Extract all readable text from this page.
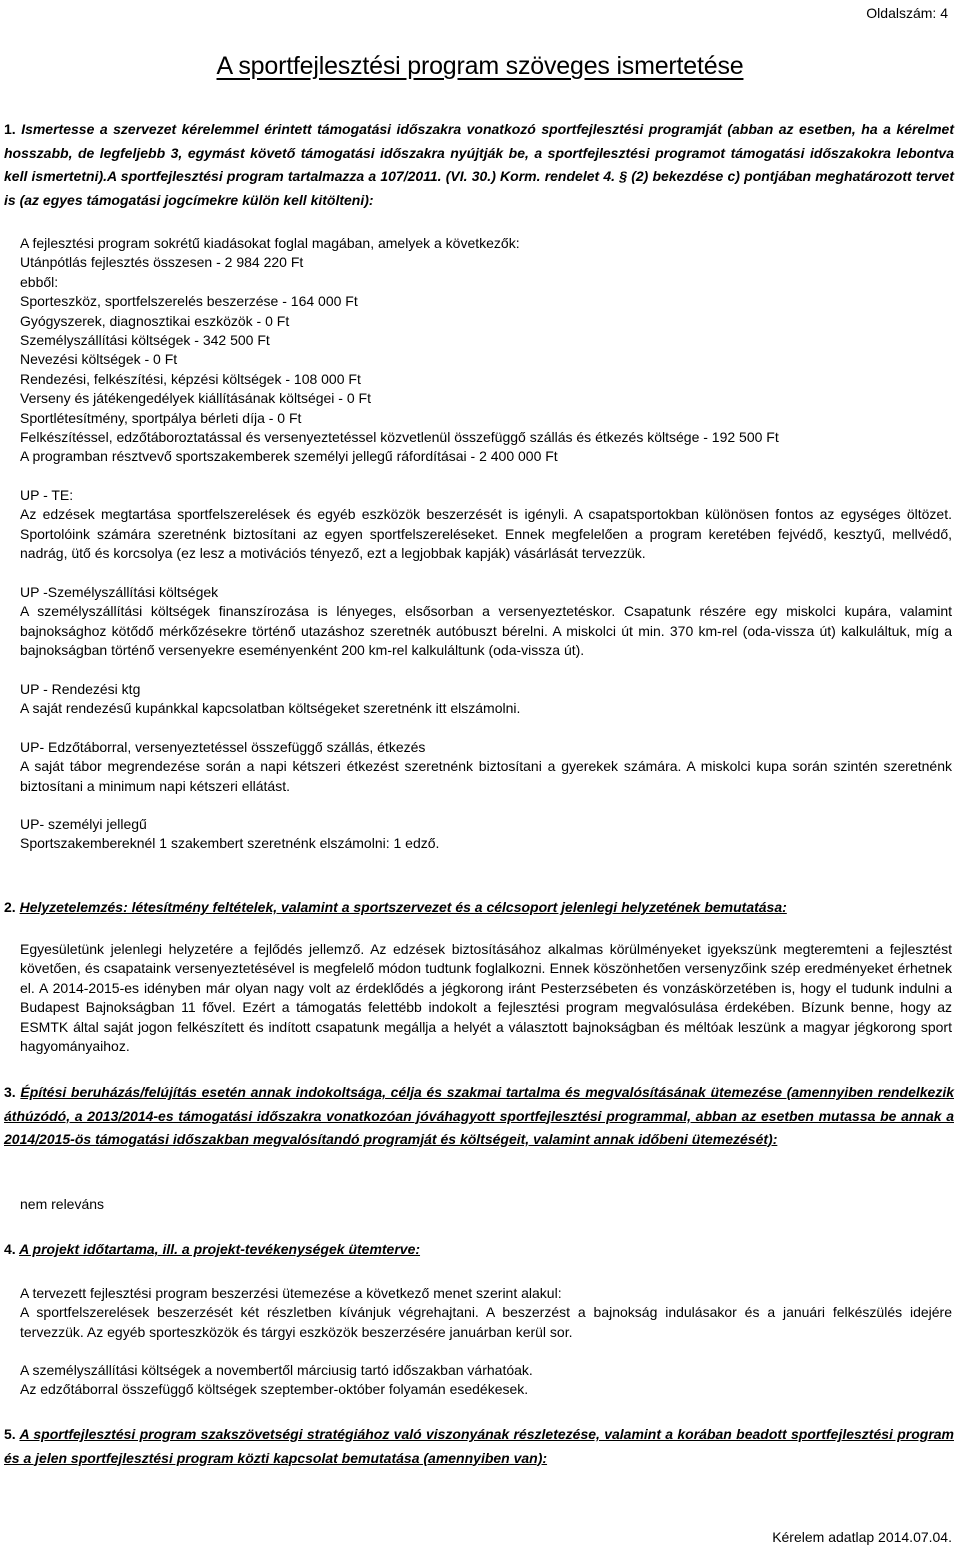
Oldalszám: 4
A sportfejlesztési program szöveges ismertetése
1. Ismertesse a szervezet kérelemmel érintett támogatási időszakra vonatkozó sportfejlesztési programját (abban az esetben, ha a kérelmet hosszabb, de legfeljebb 3, egymást követő támogatási időszakra nyújtják be, a sportfejlesztési programot támogatási időszakokra lebontva kell ismertetni).A sportfejlesztési program tartalmazza a 107/2011. (VI. 30.) Korm. rendelet 4. § (2) bekezdése c) pontjában meghatározott tervet is (az egyes támogatási jogcímekre külön kell kitölteni):

A fejlesztési program sokrétű kiadásokat foglal magában, amelyek a következők:

Utánpótlás fejlesztés összesen - 2 984 220 Ft

ebből:

Sporteszköz, sportfelszerelés beszerzése - 164 000 Ft

Gyógyszerek, diagnosztikai eszközök - 0 Ft

Személyszállítási költségek - 342 500 Ft

Nevezési költségek - 0 Ft

Rendezési, felkészítési, képzési költségek - 108 000 Ft

Verseny és játékengedélyek kiállításának költségei - 0 Ft

Sportlétesítmény, sportpálya bérleti díja - 0 Ft

Felkészítéssel, edzőtáboroztatással és versenyeztetéssel közvetlenül összefüggő szállás és étkezés költsége - 192 500 Ft

A programban résztvevő sportszakemberek személyi jellegű ráfordításai - 2 400 000 Ft

UP - TE:

Az edzések megtartása sportfelszerelések és egyéb eszközök beszerzését is igényli. A csapatsportokban különösen fontos az egységes öltözet. Sportolóink számára szeretnénk biztosítani az egyen sportfelszereléseket. Ennek megfelelően a program keretében fejvédő, kesztyű, mellvédő, nadrág, ütő és korcsolya (ez lesz a motivációs tényező, ezt a legjobbak kapják) vásárlását tervezzük.

UP -Személyszállítási költségek

A személyszállítási költségek finanszírozása is lényeges, elsősorban a versenyeztetéskor. Csapatunk részére egy miskolci kupára, valamint bajnoksághoz kötődő mérkőzésekre történő utazáshoz szeretnék autóbuszt bérelni. A miskolci út min. 370 km-rel (oda-vissza út) kalkuláltuk, míg a bajnokságban történő versenyekre eseményenként 200 km-rel kalkuláltunk (oda-vissza út).

UP - Rendezési ktg

A saját rendezésű kupánkkal kapcsolatban költségeket szeretnénk itt elszámolni.

UP- Edzőtáborral, versenyeztetéssel összefüggő szállás, étkezés

A saját tábor megrendezése során a napi kétszeri étkezést szeretnénk biztosítani a gyerekek számára. A miskolci kupa során szintén szeretnénk biztosítani a minimum napi kétszeri ellátást.

UP- személyi jellegű

Sportszakembereknél 1 szakembert szeretnénk elszámolni: 1 edző.

2. Helyzetelemzés: létesítmény feltételek, valamint a sportszervezet és a célcsoport jelenlegi helyzetének bemutatása:
Egyesületünk jelenlegi helyzetére a fejlődés jellemző. Az edzések biztosításához alkalmas körülményeket igyekszünk megteremteni a fejlesztést követően, és csapataink versenyeztetésével is megfelelő módon tudtunk foglalkozni. Ennek köszönhetően versenyzőink szép eredményeket érhetnek el. A 2014-2015-es idényben már olyan nagy volt az érdeklődés a jégkorong iránt Pesterzsébeten és vonzáskörzetében is, hogy el tudunk indulni a Budapest Bajnokságban 11 fővel. Ezért a támogatás felettébb indokolt a fejlesztési program megvalósulása érdekében. Bízunk benne, hogy az ESMTK által saját jogon felkészített és indított csapatunk megállja a helyét a választott bajnokságban és méltóak leszünk a magyar jégkorong sport hagyományaihoz.
3. Építési beruházás/felújítás esetén annak indokoltsága, célja és szakmai tartalma és megvalósításának ütemezése (amennyiben rendelkezik áthúzódó, a 2013/2014-es támogatási időszakra vonatkozóan jóváhagyott sportfejlesztési programmal, abban az esetben mutassa be annak a 2014/2015-ös támogatási időszakban megvalósítandó programját és költségeit, valamint annak időbeni ütemezését):
nem releváns
4. A projekt időtartama, ill. a projekt-tevékenységek ütemterve:

A tervezett fejlesztési program beszerzési ütemezése a következő menet szerint alakul:

A sportfelszerelések beszerzését két részletben kívánjuk végrehajtani. A beszerzést a bajnokság indulásakor és a januári felkészülés idejére tervezzük. Az egyéb sporteszközök és tárgyi eszközök beszerzésére januárban kerül sor.

A személyszállítási költségek a novembertől márciusig tartó időszakban várhatóak.

Az edzőtáborral összefüggő költségek szeptember-október folyamán esedékesek.

5. A sportfejlesztési program szakszövetségi stratégiához való viszonyának részletezése, valamint a korában beadott sportfejlesztési program és a jelen sportfejlesztési program közti kapcsolat bemutatása (amennyiben van):
Kérelem adatlap 2014.07.04.
